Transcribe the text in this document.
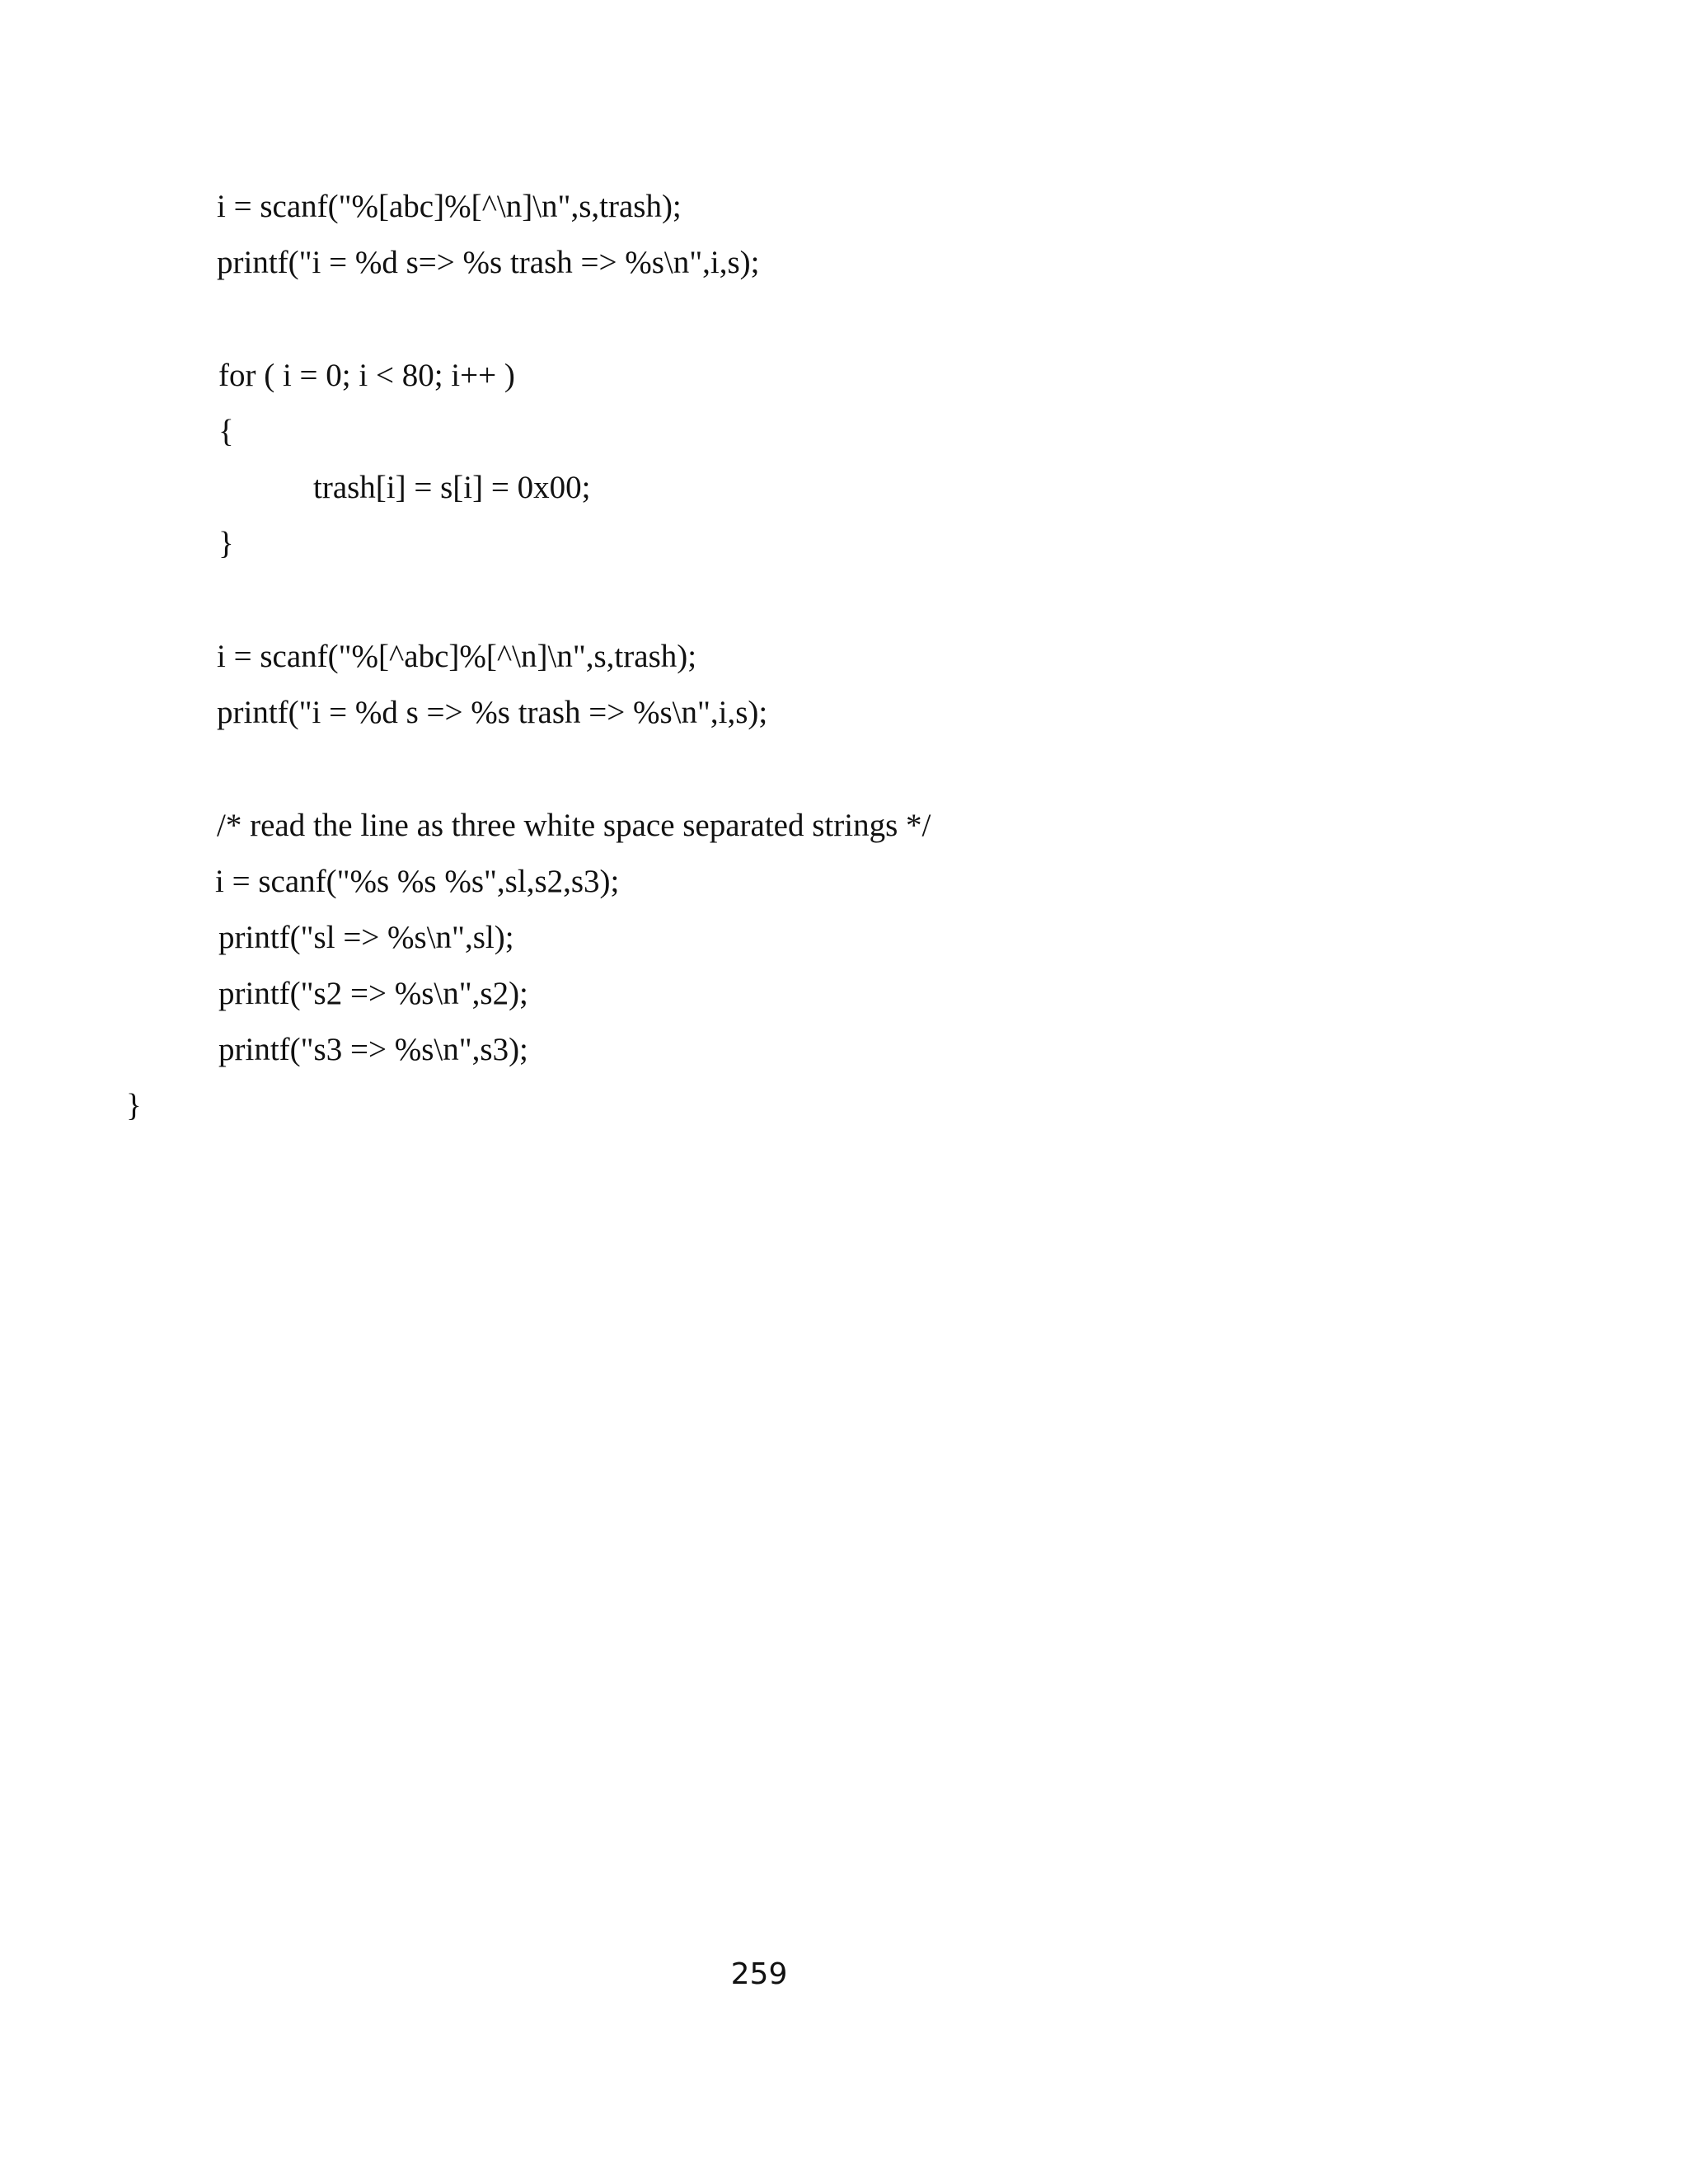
i = scanf("%[abc]%[^\n]\n",s,trash);
printf("i = %d s=> %s trash => %s\n",i,s);
for ( i = 0; i < 80; i++ )
{
trash[i] = s[i] = 0x00;
}
i = scanf("%[^abc]%[^\n]\n",s,trash);
printf("i = %d s => %s trash => %s\n",i,s);
/* read the line as three white space separated strings */
i = scanf("%s %s %s",sl,s2,s3);
printf("sl => %s\n",sl);
printf("s2 => %s\n",s2);
printf("s3 => %s\n",s3);
}
259
